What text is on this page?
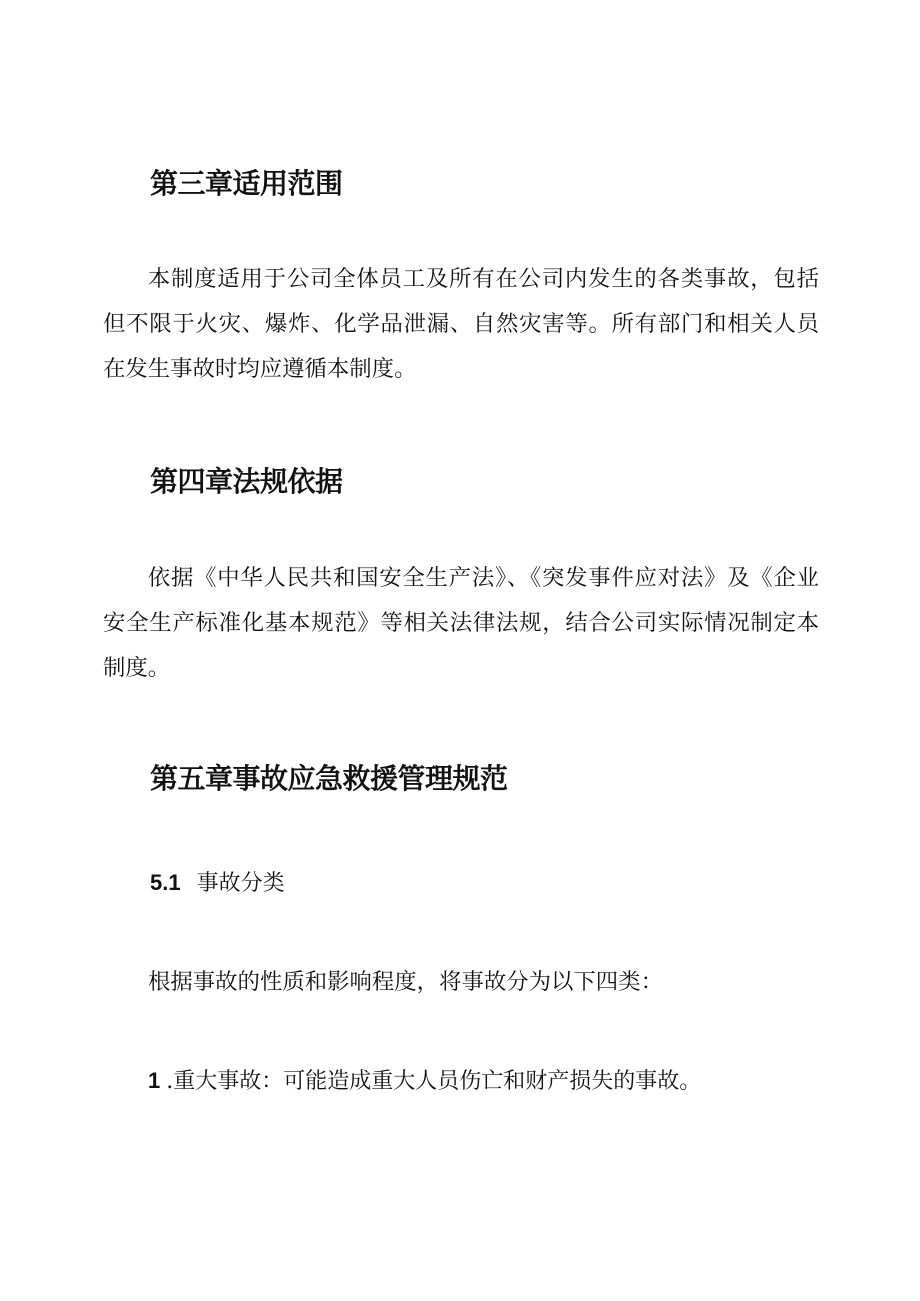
第三章适用范围

本制度适用于公司全体员工及所有在公司内发生的各类事故，包括但不限于火灾、爆炸、化学品泄漏、自然灾害等。所有部门和相关人员在发生事故时均应遵循本制度。

第四章法规依据

依据《中华人民共和国安全生产法》、《突发事件应对法》及《企业安全生产标准化基本规范》等相关法律法规，结合公司实际情况制定本制度。

第五章事故应急救援管理规范
5.1 事故分类

根据事故的性质和影响程度，将事故分为以下四类：

1 .重大事故：可能造成重大人员伤亡和财产损失的事故。
